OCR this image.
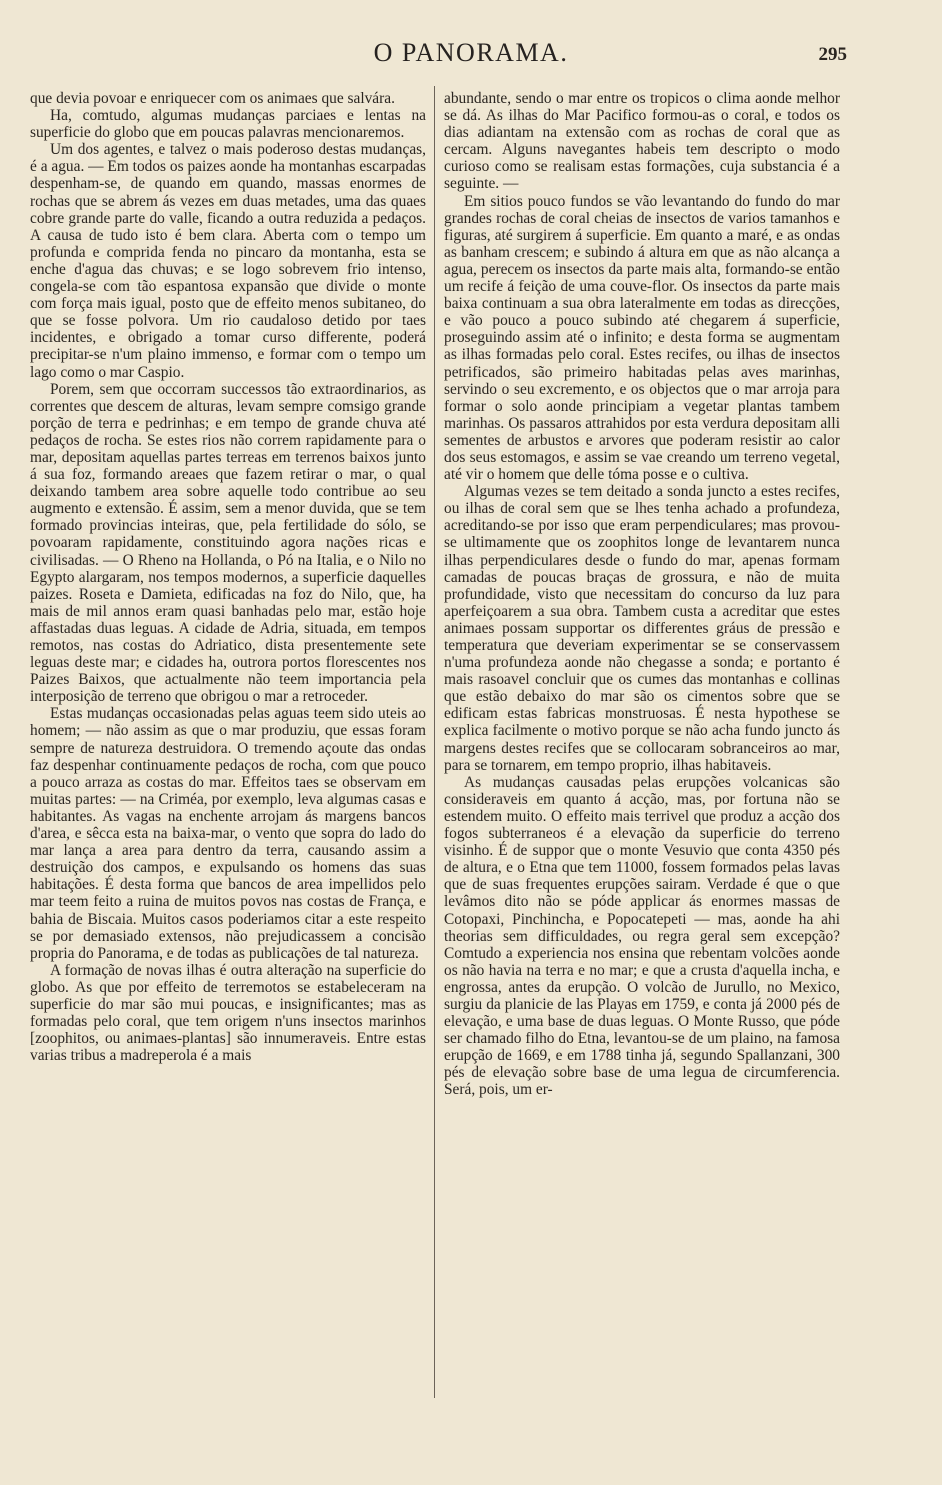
O PANORAMA.	295

que devia povoar e enriquecer com os animaes que salvára.

Ha, comtudo, algumas mudanças parciaes e lentas na superficie do globo que em poucas palavras mencionaremos.

Um dos agentes, e talvez o mais poderoso destas mudanças, é a agua. — Em todos os paizes aonde ha montanhas escarpadas despenham-se, de quando em quando, massas enormes de rochas que se abrem ás vezes em duas metades, uma das quaes cobre grande parte do valle, ficando a outra reduzida a pedaços. A causa de tudo isto é bem clara. Aberta com o tempo um profunda e comprida fenda no pincaro da montanha, esta se enche d'agua das chuvas; e se logo sobrevem frio intenso, congela-se com tão espantosa expansão que divide o monte com força mais igual, posto que de effeito menos subitaneo, do que se fosse polvora. Um rio caudaloso detido por taes incidentes, e obrigado a tomar curso differente, poderá precipitar-se n'um plaino immenso, e formar com o tempo um lago como o mar Caspio.

Porem, sem que occorram successos tão extraordinarios, as correntes que descem de alturas, levam sempre comsigo grande porção de terra e pedrinhas; e em tempo de grande chuva até pedaços de rocha. Se estes rios não correm rapidamente para o mar, depositam aquellas partes terreas em terrenos baixos junto á sua foz, formando areaes que fazem retirar o mar, o qual deixando tambem area sobre aquelle todo contribue ao seu augmento e extensão. É assim, sem a menor duvida, que se tem formado provincias inteiras, que, pela fertilidade do sólo, se povoaram rapidamente, constituindo agora nações ricas e civilisadas. — O Rheno na Hollanda, o Pó na Italia, e o Nilo no Egypto alargaram, nos tempos modernos, a superficie daquelles paizes. Roseta e Damieta, edificadas na foz do Nilo, que, ha mais de mil annos eram quasi banhadas pelo mar, estão hoje affastadas duas leguas. A cidade de Adria, situada, em tempos remotos, nas costas do Adriatico, dista presentemente sete leguas deste mar; e cidades ha, outrora portos florescentes nos Paizes Baixos, que actualmente não teem importancia pela interposição de terreno que obrigou o mar a retroceder.

Estas mudanças occasionadas pelas aguas teem sido uteis ao homem; — não assim as que o mar produziu, que essas foram sempre de natureza destruidora. O tremendo açoute das ondas faz despenhar continuamente pedaços de rocha, com que pouco a pouco arraza as costas do mar. Effeitos taes se observam em muitas partes: — na Criméa, por exemplo, leva algumas casas e habitantes. As vagas na enchente arrojam ás margens bancos d'area, e sêcca esta na baixa-mar, o vento que sopra do lado do mar lança a area para dentro da terra, causando assim a destruição dos campos, e expulsando os homens das suas habitações. É desta forma que bancos de area impellidos pelo mar teem feito a ruina de muitos povos nas costas de França, e bahia de Biscaia. Muitos casos poderiamos citar a este respeito se por demasiado extensos, não prejudicassem a concisão propria do Panorama, e de todas as publicações de tal natureza.

A formação de novas ilhas é outra alteração na superficie do globo. As que por effeito de terremotos se estabeleceram na superficie do mar são mui poucas, e insignificantes; mas as formadas pelo coral, que tem origem n'uns insectos marinhos [zoophitos, ou animaes-plantas] são innumeraveis. Entre estas varias tribus a madreperola é a mais

abundante, sendo o mar entre os tropicos o clima aonde melhor se dá. As ilhas do Mar Pacifico formou-as o coral, e todos os dias adiantam na extensão com as rochas de coral que as cercam. Alguns navegantes habeis tem descripto o modo curioso como se realisam estas formações, cuja substancia é a seguinte. —

Em sitios pouco fundos se vão levantando do fundo do mar grandes rochas de coral cheias de insectos de varios tamanhos e figuras, até surgirem á superficie. Em quanto a maré, e as ondas as banham crescem; e subindo á altura em que as não alcança a agua, perecem os insectos da parte mais alta, formando-se então um recife á feição de uma couve-flor. Os insectos da parte mais baixa continuam a sua obra lateralmente em todas as direcções, e vão pouco a pouco subindo até chegarem á superficie, proseguindo assim até o infinito; e desta forma se augmentam as ilhas formadas pelo coral. Estes recifes, ou ilhas de insectos petrificados, são primeiro habitadas pelas aves marinhas, servindo o seu excremento, e os objectos que o mar arroja para formar o solo aonde principiam a vegetar plantas tambem marinhas. Os passaros attrahidos por esta verdura depositam alli sementes de arbustos e arvores que poderam resistir ao calor dos seus estomagos, e assim se vae creando um terreno vegetal, até vir o homem que delle tóma posse e o cultiva.

Algumas vezes se tem deitado a sonda juncto a estes recifes, ou ilhas de coral sem que se lhes tenha achado a profundeza, acreditando-se por isso que eram perpendiculares; mas provou-se ultimamente que os zoophitos longe de levantarem nunca ilhas perpendiculares desde o fundo do mar, apenas formam camadas de poucas braças de grossura, e não de muita profundidade, visto que necessitam do concurso da luz para aperfeiçoarem a sua obra. Tambem custa a acreditar que estes animaes possam supportar os differentes gráus de pressão e temperatura que deveriam experimentar se se conservassem n'uma profundeza aonde não chegasse a sonda; e portanto é mais rasoavel concluir que os cumes das montanhas e collinas que estão debaixo do mar são os cimentos sobre que se edificam estas fabricas monstruosas. É nesta hypothese se explica facilmente o motivo porque se não acha fundo juncto ás margens destes recifes que se collocaram sobranceiros ao mar, para se tornarem, em tempo proprio, ilhas habitaveis.

As mudanças causadas pelas erupções volcanicas são consideraveis em quanto á acção, mas, por fortuna não se estendem muito. O effeito mais terrivel que produz a acção dos fogos subterraneos é a elevação da superficie do terreno visinho. É de suppor que o monte Vesuvio que conta 4350 pés de altura, e o Etna que tem 11000, fossem formados pelas lavas que de suas frequentes erupções sairam. Verdade é que o que levâmos dito não se póde applicar ás enormes massas de Cotopaxi, Pinchincha, e Popocatepeti — mas, aonde ha ahi theorias sem difficuldades, ou regra geral sem excepção? Comtudo a experiencia nos ensina que rebentam volcões aonde os não havia na terra e no mar; e que a crusta d'aquella incha, e engrossa, antes da erupção. O volcão de Jurullo, no Mexico, surgiu da planicie de las Playas em 1759, e conta já 2000 pés de elevação, e uma base de duas leguas. O Monte Russo, que póde ser chamado filho do Etna, levantou-se de um plaino, na famosa erupção de 1669, e em 1788 tinha já, segundo Spallanzani, 300 pés de elevação sobre base de uma legua de circumferencia. Será, pois, um er-
